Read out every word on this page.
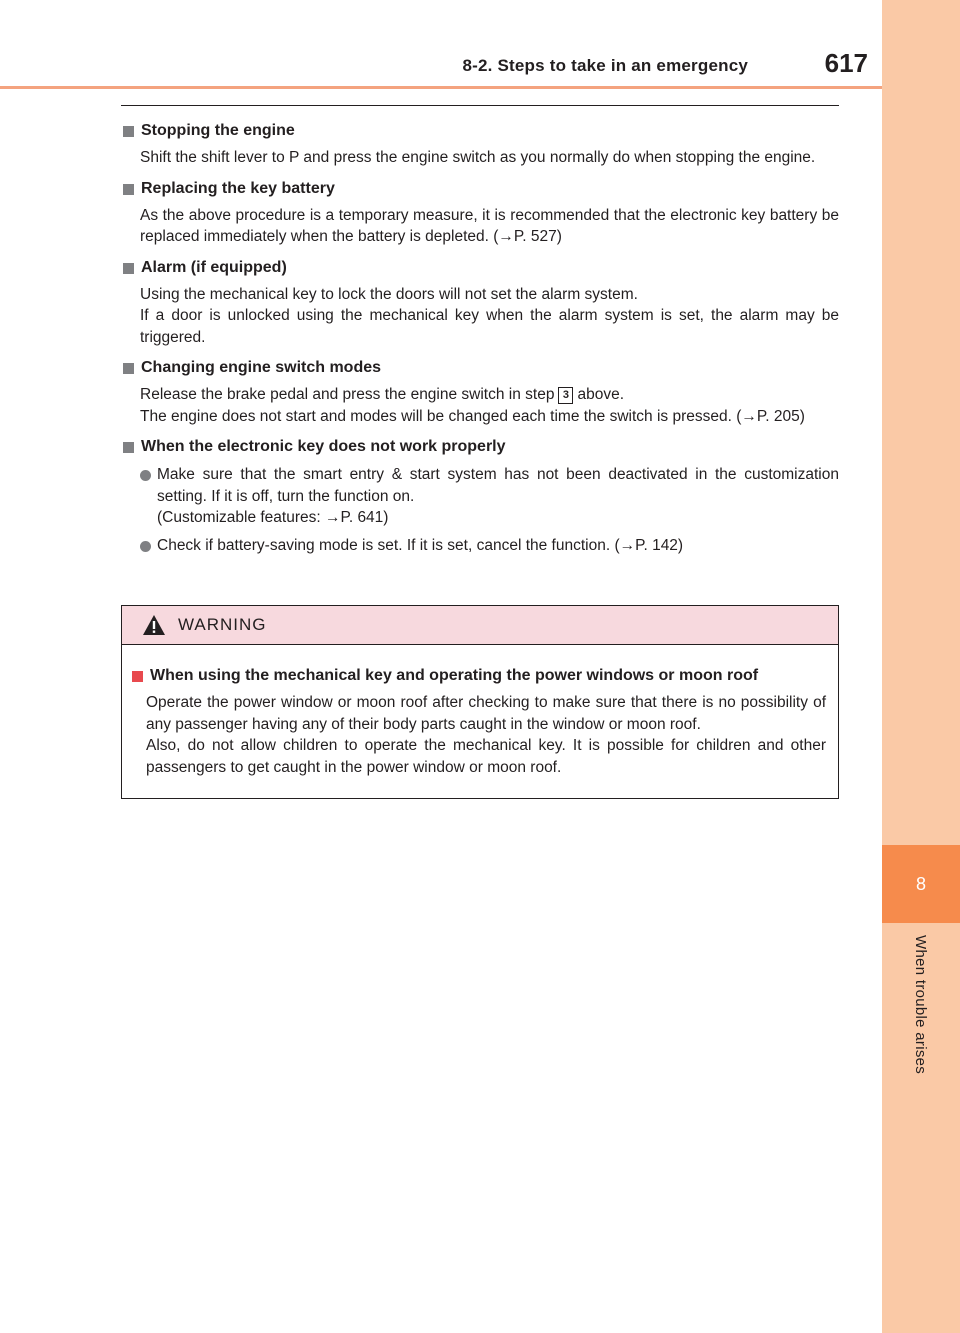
8-2. Steps to take in an emergency	617
8
When trouble arises
Stopping the engine

Shift the shift lever to P and press the engine switch as you normally do when stopping the engine.

Replacing the key battery

As the above procedure is a temporary measure, it is recommended that the electronic key battery be replaced immediately when the battery is depleted. (→P. 527)

Alarm (if equipped)

Using the mechanical key to lock the doors will not set the alarm system.

If a door is unlocked using the mechanical key when the alarm system is set, the alarm may be triggered.

Changing engine switch modes

Release the brake pedal and press the engine switch in step 3 above.

The engine does not start and modes will be changed each time the switch is pressed. (→P. 205)

When the electronic key does not work properly
Make sure that the smart entry & start system has not been deactivated in the customization setting. If it is off, turn the function on.
(Customizable features: →P. 641)
Check if battery-saving mode is set. If it is set, cancel the function. (→P. 142)
WARNING
When using the mechanical key and operating the power windows or moon roof

Operate the power window or moon roof after checking to make sure that there is no possibility of any passenger having any of their body parts caught in the window or moon roof.

Also, do not allow children to operate the mechanical key. It is possible for children and other passengers to get caught in the power window or moon roof.
